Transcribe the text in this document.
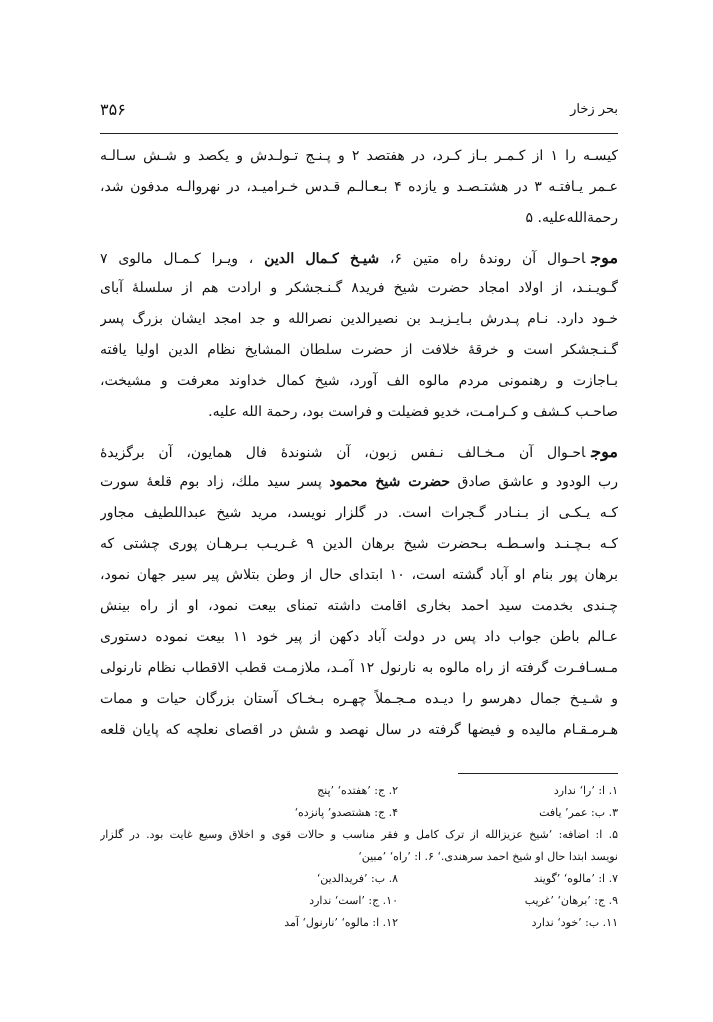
۳۵۶	بحر زخار
کیسـه را ۱ از کـمـر بـاز کـرد، در هفتصد ۲ و پـنـج تـولـدش و یکصد و شـش سـالـه
عـمر یـافتـه ۳ در هشتـصـد و یازده ۴ بـعـالـم قـدس خـرامیـد، در نهروالـه مدفون شد،
رحمةالله‌علیه. ۵
موجاحـوال آن روندهٔ راه متین ۶، شیـخ کـمال الدین ، ویـرا کـمـال مالوی ۷
گـویـنـد، از اولاد امجاد حضرت شیخ فرید۸ گـنـجشکر و ارادت هم از سلسلهٔ آبای
خـود دارد. نـام پـدرش بـایـزیـد بن نصیرالدین نصرالله و جد امجد ایشان بزرگ پسر
گـنـجشکر است و خرقهٔ خلافت از حضرت سلطان المشایخ نظام الدین اولیا یافته
بـاجازت و رهنمونی مردم مالوه الف آورد، شیخ کمال خداوند معرفت و مشیخت،
صاحـب کـشف و کـرامـت، خدیو فضیلت و فراست بود، رحمة الله علیه.
موجاحـوال آن مـخـالف نـفس زبون، آن شنوندهٔ فال همایون، آن برگزیدهٔ
رب الودود و عاشق صادق حضرت شیخ محمود پسر سید ملك، زاد بوم قلعهٔ سورت
کـه یـکـی از بـنـادر گـجرات است. در گلزار نویسد، مرید شیخ عبداللطیف مجاور
کـه بـچـنـد واسـطـه بـحضرت شیخ برهان الدین ۹ غـریـب بـرهـان پوری چشتی که
برهان پور بنام او آباد گشته است، ۱۰ ابتدای حال از وطن بتلاش پیر سیر جهان نمود،
چـندی بخدمت سید احمد بخاری اقامت داشته تمنای بیعت نمود، او از راه بینش
عـالم باطن جواب داد پس در دولت آباد دکهن از پیر خود ۱۱ بیعت نموده دستوری
مـسـافـرت گرفته از راه مالوه به نارنول ۱۲ آمـد، ملازمـت قطب الاقطاب نظام نارنولی
و شـیـخ جمال دهرسو را دیـده مـجـملاً چهـره بـخـاک آستان بزرگان حیات و ممات
هـرمـقـام مالیده و فیضها گرفته در سال نهصد و شش در اقصای نعلچه که پایان قلعه
۱. ا: ’را‘ ندارد
۲. ج: ’هفتده‘ ’پنج
۳. ب: عمر’ یافت
۴. ج: هشتصدو’ پانزده‘
۵. ا: اضافه: ’شیخ عزیزالله از ترک کامل و فقر مناسب و حالات قوی و اخلاق وسیع غایت بود. در گلزار
نویسد ابتدا حال او شیخ احمد سرهندی.‘ ۶. ا: ’راه‘ ’مبین‘
۷. ا: ’مالوه‘ ’گویند
۸. ب: ’فریدالدین‘
۹. ج: ’برهان‘ ’غریب
۱۰. ج: ’است‘ ندارد
۱۱. ب: ’خود‘ ندارد
۱۲. ا: مالوه‘ ’نارنول‘ آمد
